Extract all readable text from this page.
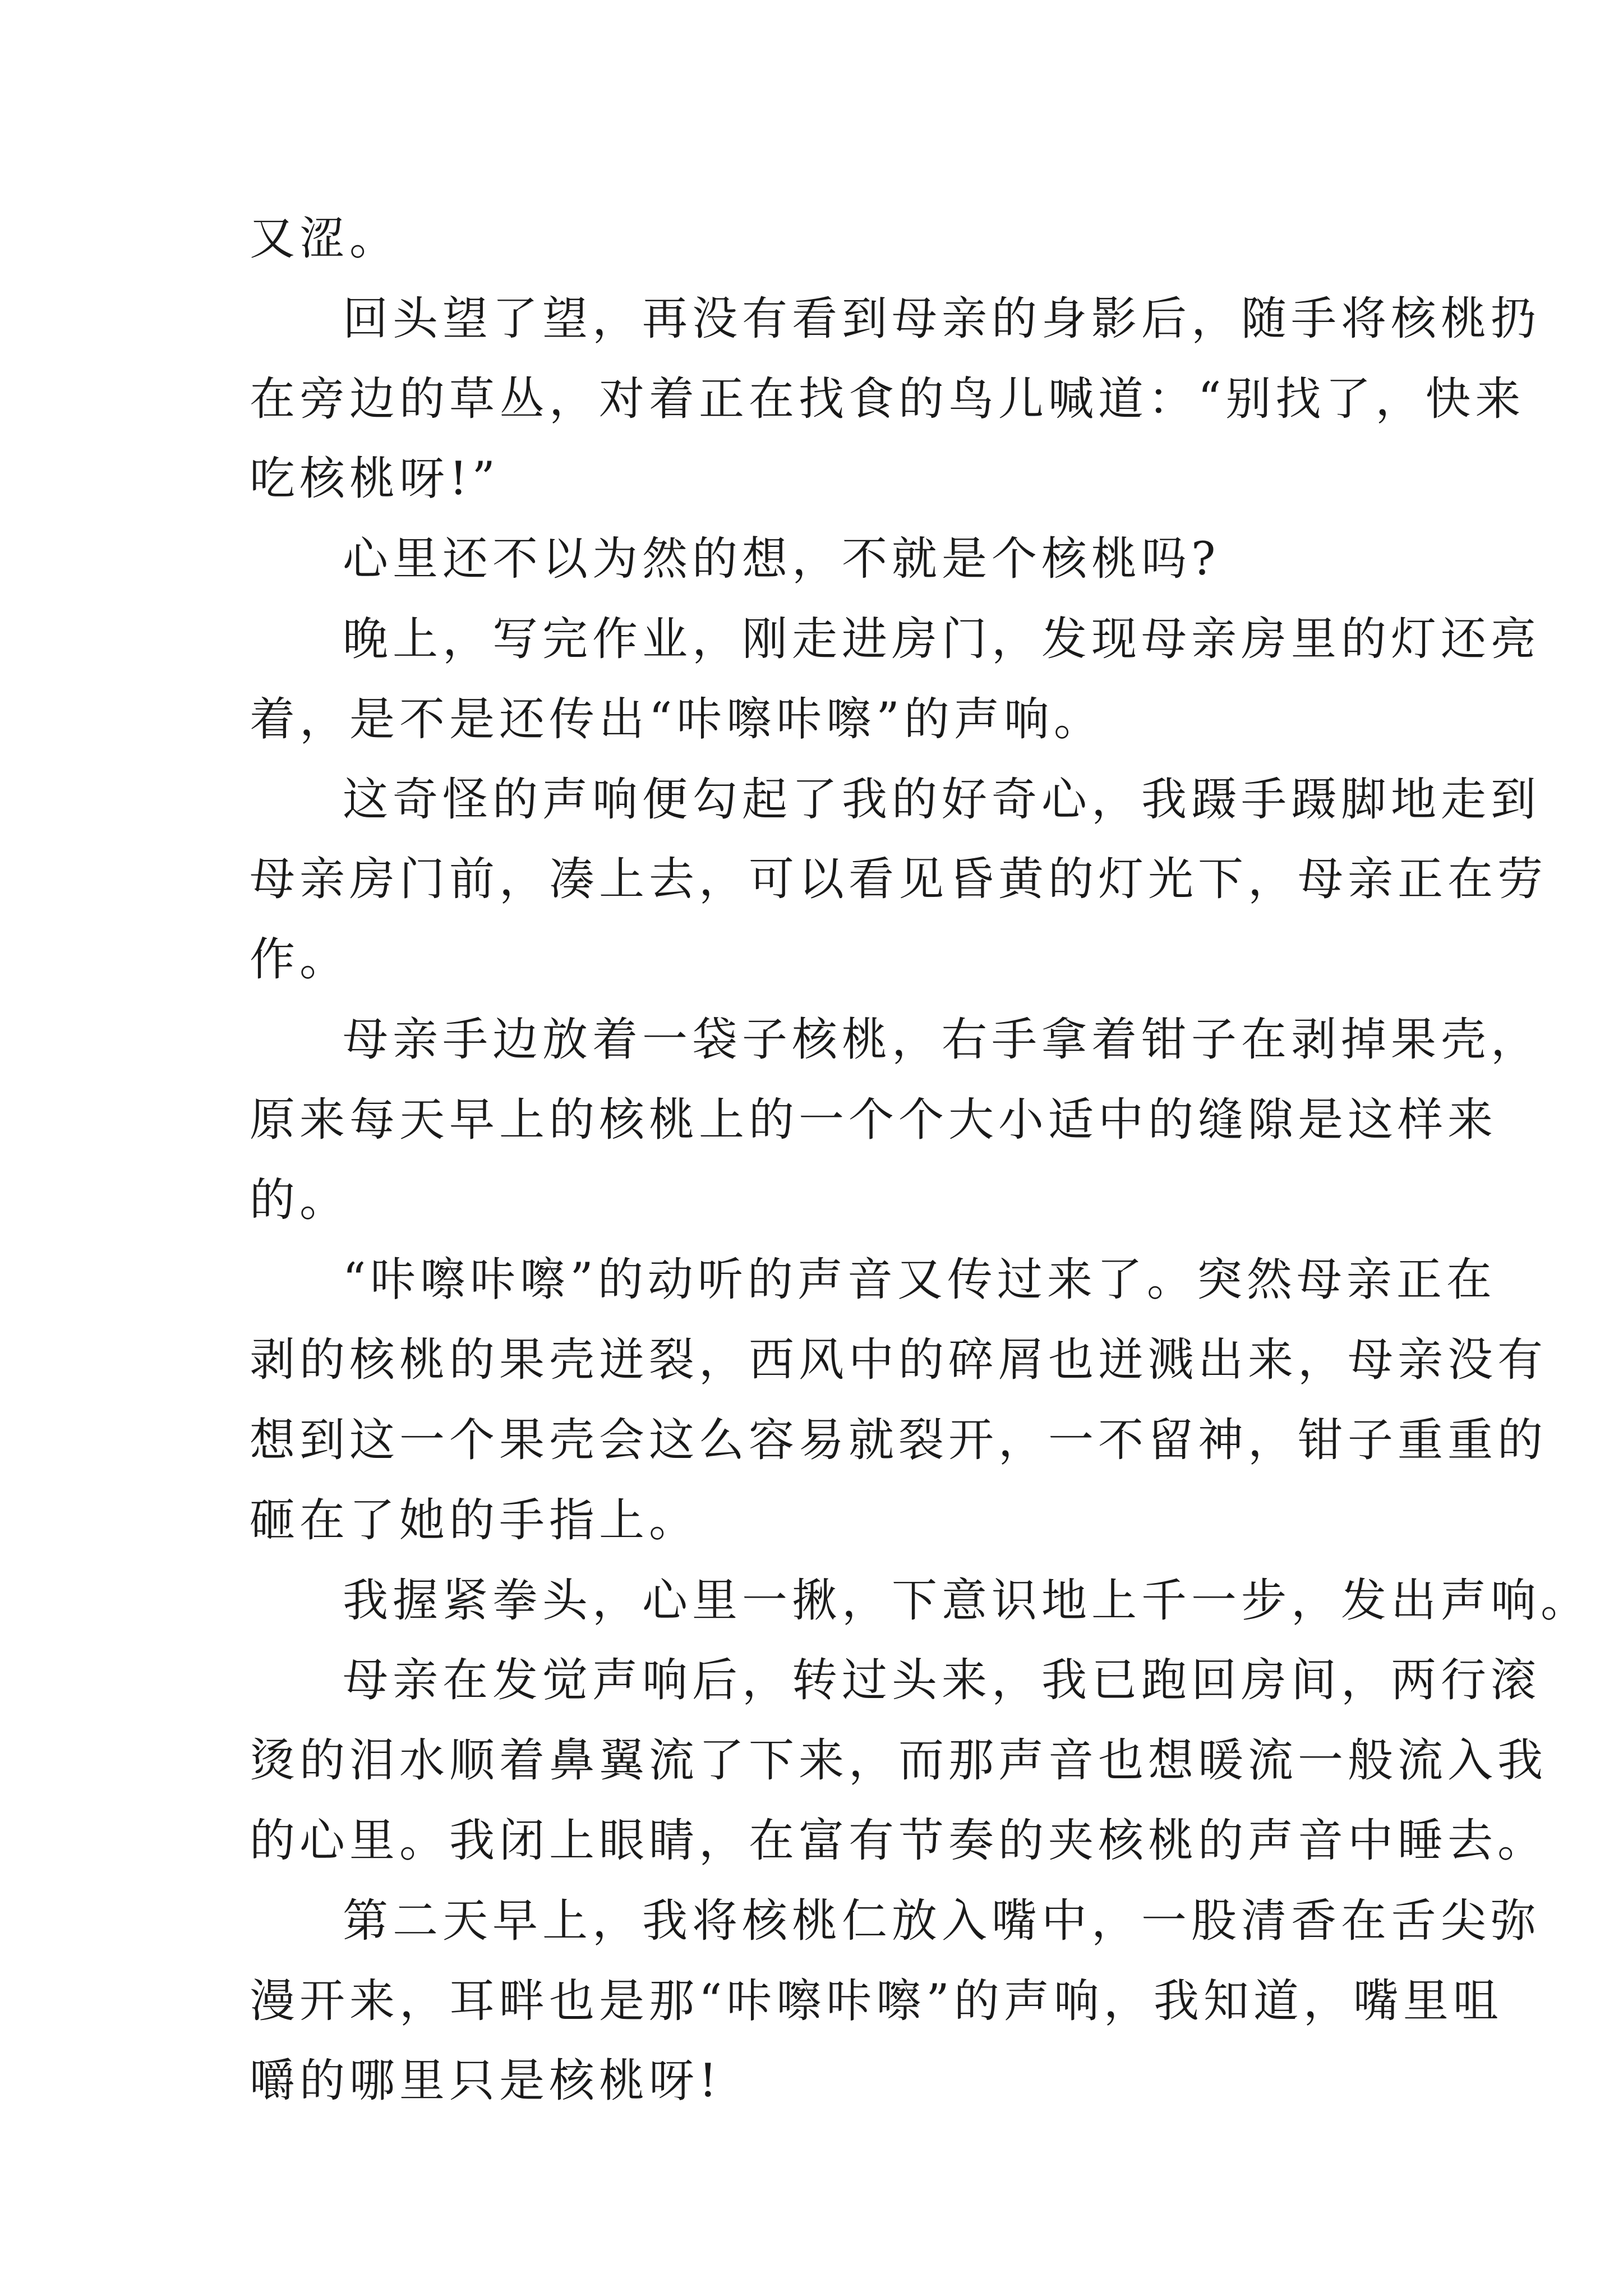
又涩。
回头望了望，再没有看到母亲的身影后，随手将核桃扔
在旁边的草丛，对着正在找食的鸟儿喊道：“别找了，快来
吃核桃呀!”
心里还不以为然的想，不就是个核桃吗?
晚上，写完作业，刚走进房门，发现母亲房里的灯还亮
着，是不是还传出“咔嚓咔嚓”的声响。
这奇怪的声响便勾起了我的好奇心，我蹑手蹑脚地走到
母亲房门前，凑上去，可以看见昏黄的灯光下，母亲正在劳
作。
母亲手边放着一袋子核桃，右手拿着钳子在剥掉果壳，
原来每天早上的核桃上的一个个大小适中的缝隙是这样来
的。
“咔嚓咔嚓”的动听的声音又传过来了。突然母亲正在
剥的核桃的果壳迸裂，西风中的碎屑也迸溅出来，母亲没有
想到这一个果壳会这么容易就裂开，一不留神，钳子重重的
砸在了她的手指上。
我握紧拳头，心里一揪，下意识地上千一步，发出声响。
母亲在发觉声响后，转过头来，我已跑回房间，两行滚
烫的泪水顺着鼻翼流了下来，而那声音也想暖流一般流入我
的心里。我闭上眼睛，在富有节奏的夹核桃的声音中睡去。
第二天早上，我将核桃仁放入嘴中，一股清香在舌尖弥
漫开来，耳畔也是那“咔嚓咔嚓”的声响，我知道，嘴里咀
嚼的哪里只是核桃呀!
